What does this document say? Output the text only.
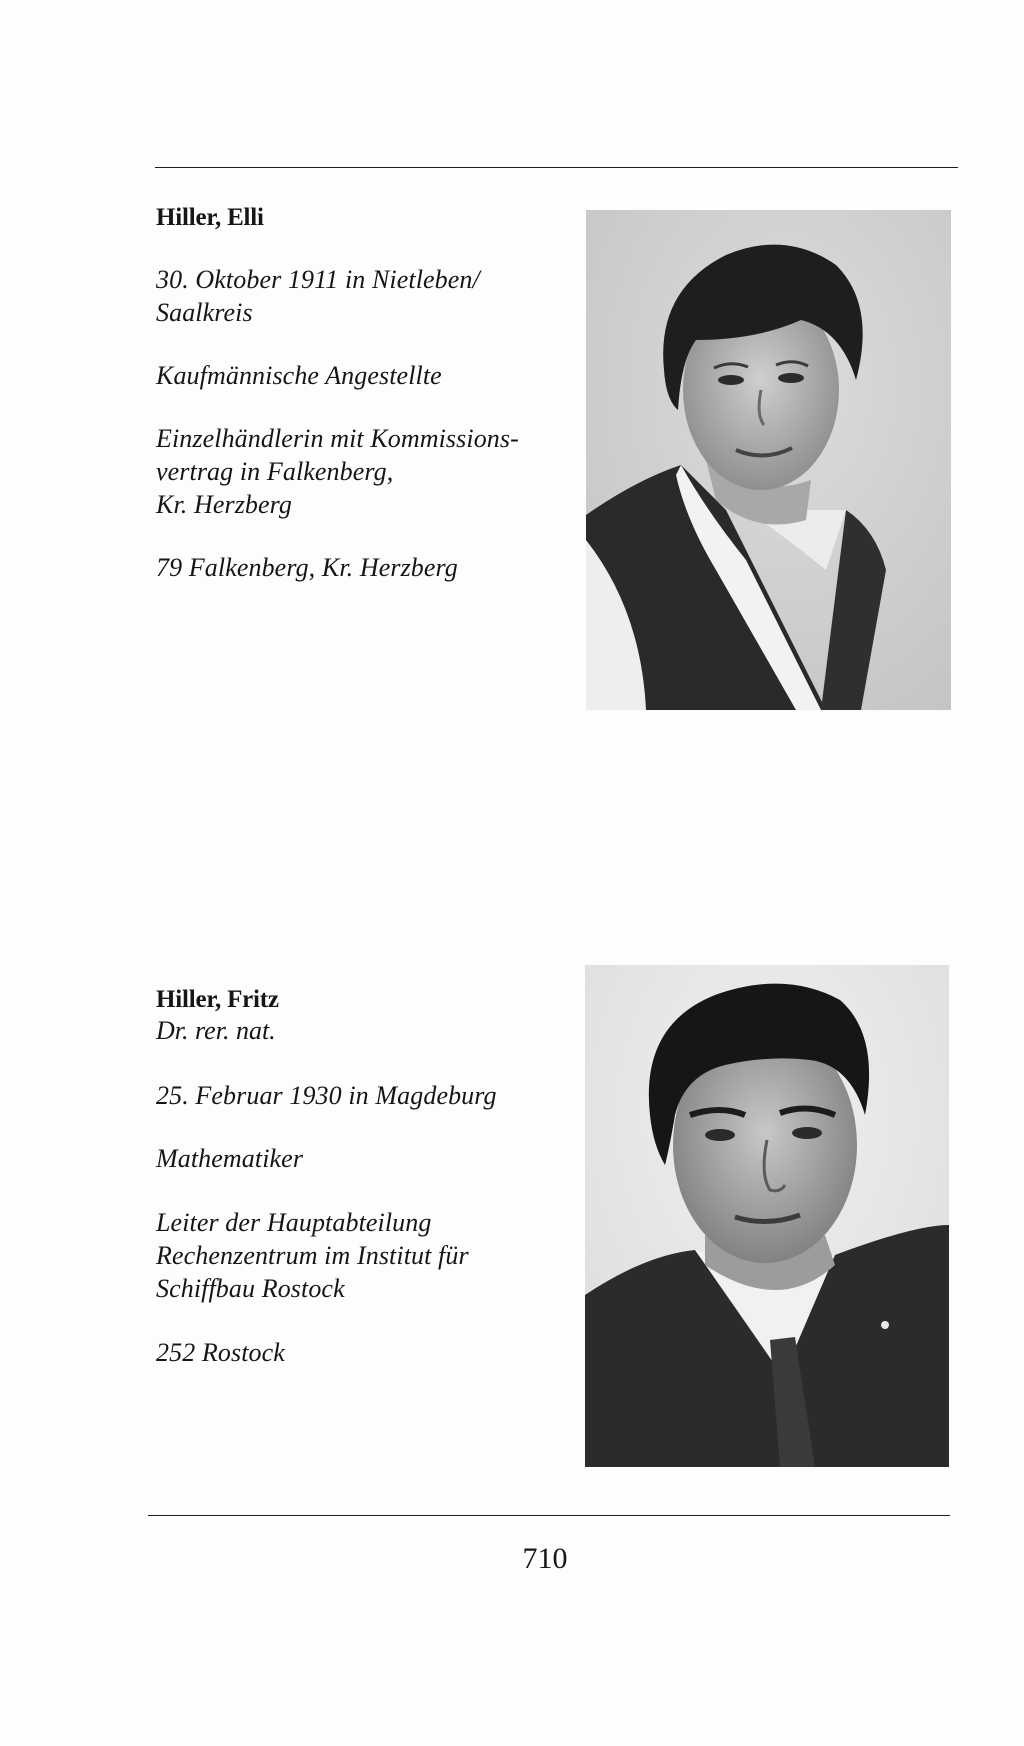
Hiller, Elli

30. Oktober 1911 in Nietleben/
Saalkreis

Kaufmännische Angestellte

Einzelhändlerin mit Kommissions-
vertrag in Falkenberg,
Kr. Herzberg

79 Falkenberg, Kr. Herzberg

Hiller, Fritz

Dr. rer. nat.

25. Februar 1930 in Magdeburg

Mathematiker

Leiter der Hauptabteilung
Rechenzentrum im Institut für
Schiffbau Rostock

252 Rostock

710
